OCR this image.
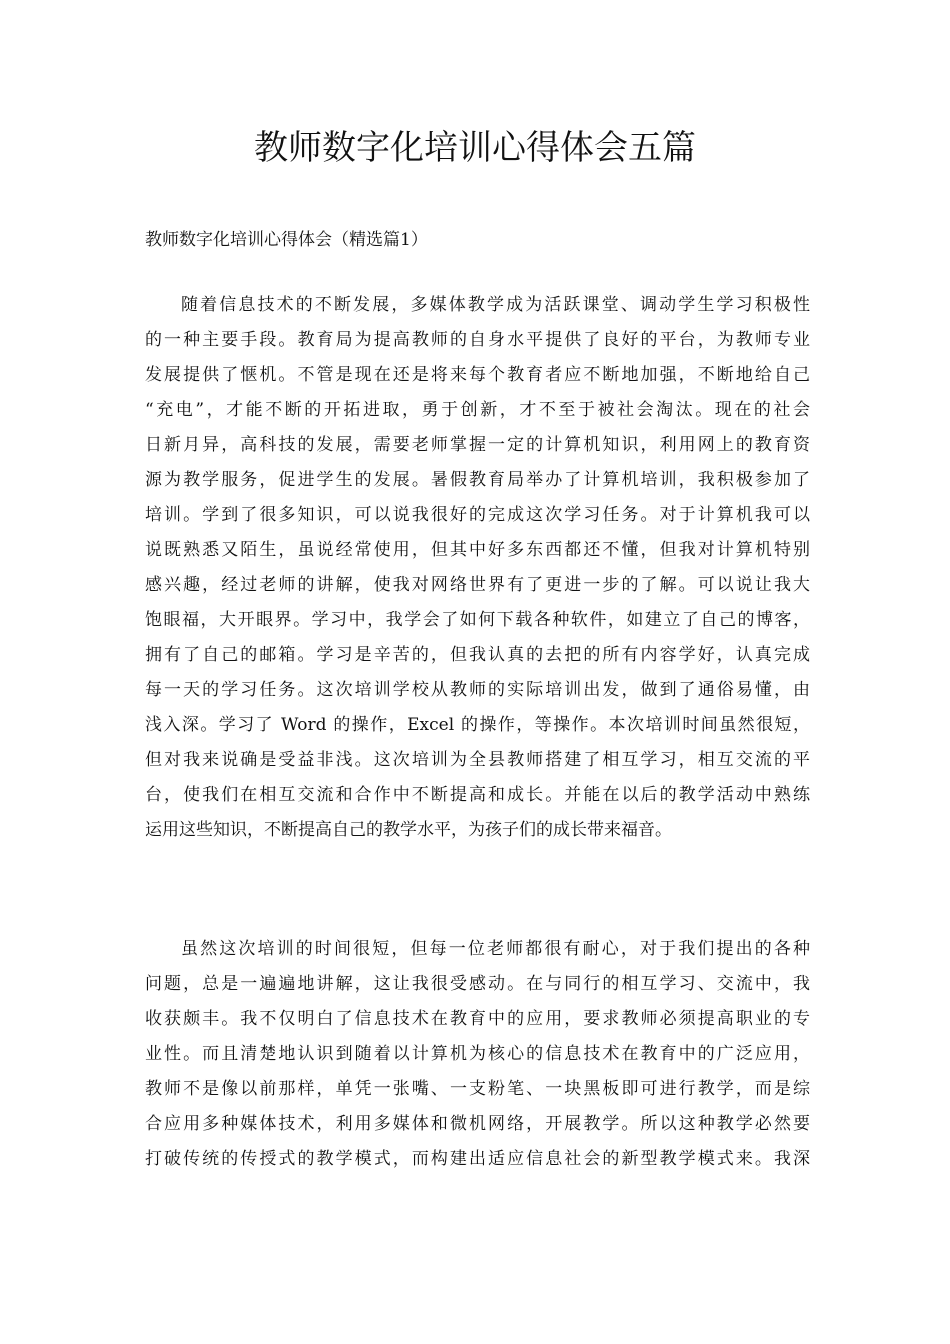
教师数字化培训心得体会五篇
教师数字化培训心得体会（精选篇1）
随着信息技术的不断发展，多媒体教学成为活跃课堂、调动学生学习积极性
的一种主要手段。教育局为提高教师的自身水平提供了良好的平台，为教师专业
发展提供了惬机。不管是现在还是将来每个教育者应不断地加强，不断地给自己
“充电”，才能不断的开拓进取，勇于创新，才不至于被社会淘汰。现在的社会
日新月异，高科技的发展，需要老师掌握一定的计算机知识，利用网上的教育资
源为教学服务，促进学生的发展。暑假教育局举办了计算机培训，我积极参加了
培训。学到了很多知识，可以说我很好的完成这次学习任务。对于计算机我可以
说既熟悉又陌生，虽说经常使用，但其中好多东西都还不懂，但我对计算机特别
感兴趣，经过老师的讲解，使我对网络世界有了更进一步的了解。可以说让我大
饱眼福，大开眼界。学习中，我学会了如何下载各种软件，如建立了自己的博客，
拥有了自己的邮箱。学习是辛苦的，但我认真的去把的所有内容学好，认真完成
每一天的学习任务。这次培训学校从教师的实际培训出发，做到了通俗易懂，由
浅入深。学习了 Word 的操作，Excel 的操作，等操作。本次培训时间虽然很短，
但对我来说确是受益非浅。这次培训为全县教师搭建了相互学习，相互交流的平
台，使我们在相互交流和合作中不断提高和成长。并能在以后的教学活动中熟练
运用这些知识，不断提高自己的教学水平，为孩子们的成长带来福音。
虽然这次培训的时间很短，但每一位老师都很有耐心，对于我们提出的各种
问题，总是一遍遍地讲解，这让我很受感动。在与同行的相互学习、交流中，我
收获颇丰。我不仅明白了信息技术在教育中的应用，要求教师必须提高职业的专
业性。而且清楚地认识到随着以计算机为核心的信息技术在教育中的广泛应用，
教师不是像以前那样，单凭一张嘴、一支粉笔、一块黑板即可进行教学，而是综
合应用多种媒体技术，利用多媒体和微机网络，开展教学。所以这种教学必然要
打破传统的传授式的教学模式，而构建出适应信息社会的新型教学模式来。我深
